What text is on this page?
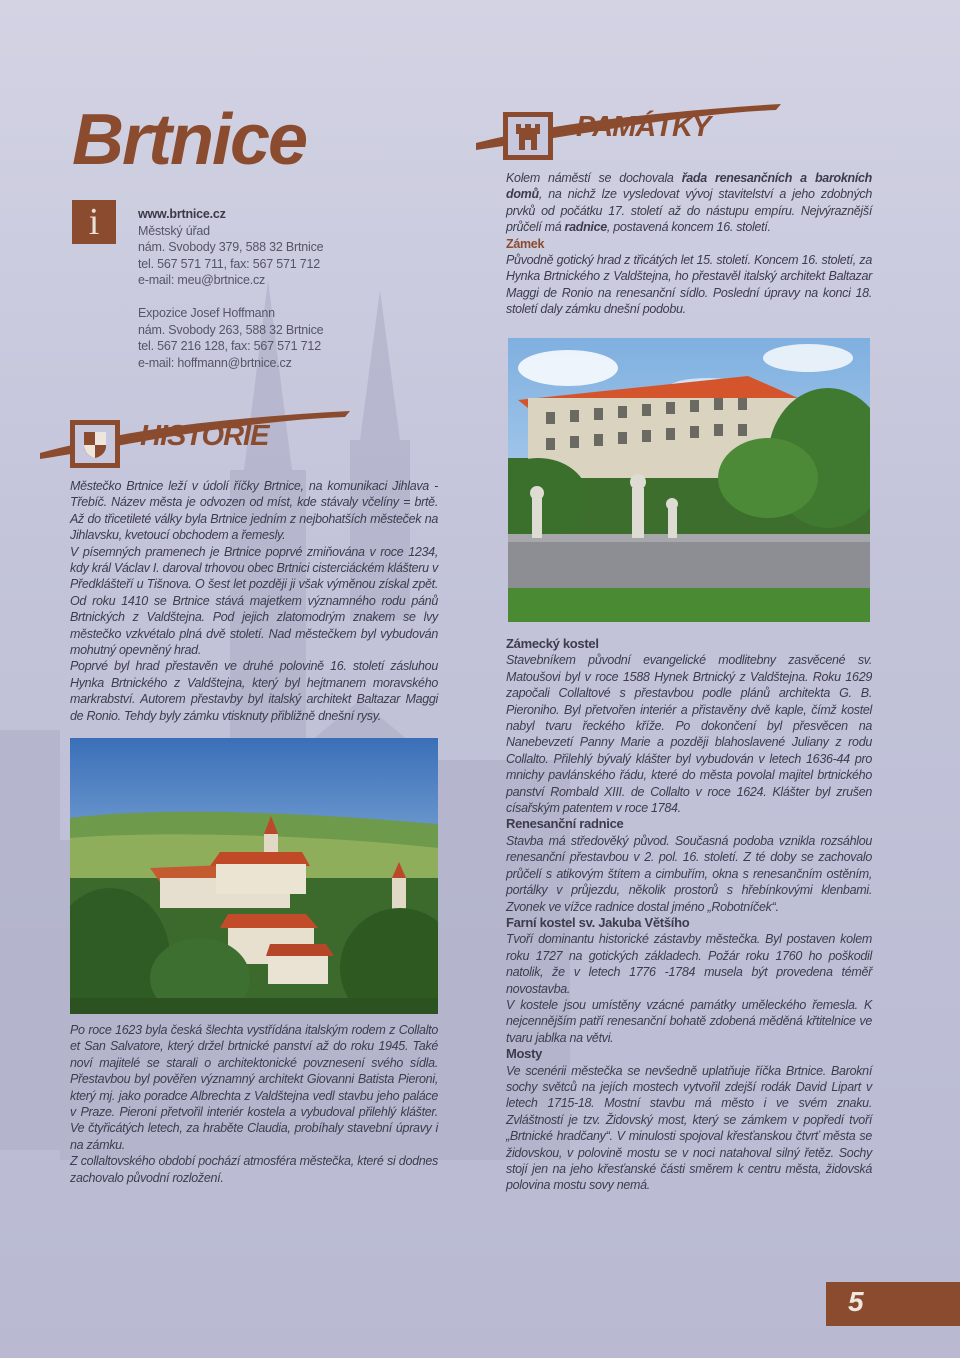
Brtnice
i	www.brtnice.cz
Městský úřad
nám. Svobody 379, 588 32 Brtnice
tel. 567 571 711, fax: 567 571 712
e-mail: meu@brtnice.cz
Expozice Josef Hoffmann
nám. Svobody 263, 588 32 Brtnice
tel. 567 216 128, fax: 567 571 712
e-mail: hoffmann@brtnice.cz
PAMÁTKY
HISTORIE

Kolem náměstí se dochovala řada renesančních a barokních domů, na nichž lze vysledovat vývoj stavitelství a jeho zdobných prvků od počátku 17. století až do nástupu empíru. Nejvýraznější průčelí má radnice, postavená koncem 16. století.

Zámek

Původně gotický hrad z třicátých let 15. století. Koncem 16. století, za Hynka Brtnického z Valdštejna, ho přestavěl italský architekt Baltazar Maggi de Ronio na renesanční sídlo. Poslední úpravy na konci 18. století daly zámku dnešní podobu.

Zámecký kostel

Stavebníkem původní evangelické modlitebny zasvěcené sv. Matoušovi byl v roce 1588 Hynek Brtnický z Valdštejna. Roku 1629 započali Collaltové s přestavbou podle plánů architekta G. B. Pieroniho. Byl přetvořen interiér a přistavěny dvě kaple, čímž kostel nabyl tvaru řeckého kříže. Po dokončení byl přesvěcen na Nanebevzetí Panny Marie a později blahoslavené Juliany z rodu Collalto. Přilehlý bývalý klášter byl vybudován v letech 1636-44 pro mnichy pavlánského řádu, které do města povolal majitel brtnického panství Rombald XIII. de Collalto v roce 1624. Klášter byl zrušen císařským patentem v roce 1784.

Renesanční radnice

Stavba má středověký původ. Současná podoba vznikla rozsáhlou renesanční přestavbou v 2. pol. 16. století. Z té doby se zachovalo průčelí s atikovým štítem a cimbuřím, okna s renesančním ostěním, portálky v průjezdu, několik prostorů s hřebínkovými klenbami. Zvonek ve vížce radnice dostal jméno „Robotníček“.

Farní kostel sv. Jakuba Většího

Tvoří dominantu historické zástavby městečka. Byl postaven kolem roku 1727 na gotických základech. Požár roku 1760 ho poškodil natolik, že v letech 1776 -1784 musela být provedena téměř novostavba.

V kostele jsou umístěny vzácné památky uměleckého řemesla. K nejcennějším patří renesanční bohatě zdobená měděná křtitelnice ve tvaru jablka na větvi.

Mosty

Ve scenérii městečka se nevšedně uplatňuje říčka Brtnice. Barokní sochy světců na jejích mostech vytvořil zdejší rodák David Lipart v letech 1715-18. Mostní stavbu má město i ve svém znaku. Zvláštností je tzv. Židovský most, který se zámkem v popředí tvoří „Brtnické hradčany“. V minulosti spojoval křesťanskou čtvrť města se židovskou, v polovině mostu se v noci natahoval silný řetěz. Sochy stojí jen na jeho křesťanské části směrem k centru města, židovská polovina mostu sovy nemá.

Městečko Brtnice leží v údolí říčky Brtnice, na komunikaci Jihlava - Třebíč. Název města je odvozen od míst, kde stávaly včelíny = brtě. Až do třicetileté války byla Brtnice jedním z nejbohatších městeček na Jihlavsku, kvetoucí obchodem a řemesly.

V písemných pramenech je Brtnice poprvé zmiňována v roce 1234, kdy král Václav I. daroval trhovou obec Brtnici cisterciáckém klášteru v Předklášteří u Tišnova. O šest let později ji však výměnou získal zpět. Od roku 1410 se Brtnice stává majetkem významného rodu pánů Brtnických z Valdštejna. Pod jejich zlatomodrým znakem se lvy městečko vzkvétalo plná dvě století. Nad městečkem byl vybudován mohutný opevněný hrad.

Poprvé byl hrad přestavěn ve druhé polovině 16. století zásluhou Hynka Brtnického z Valdštejna, který byl hejtmanem moravského markrabství. Autorem přestavby byl italský architekt Baltazar Maggi de Ronio. Tehdy byly zámku vtisknuty přibližně dnešní rysy.

Po roce 1623 byla česká šlechta vystřídána italským rodem z Collalto et San Salvatore, který držel brtnické panství až do roku 1945. Také noví majitelé se starali o architektonické povznesení svého sídla. Přestavbou byl pověřen významný architekt Giovanni Batista Pieroni, který mj. jako poradce Albrechta z Valdštejna vedl stavbu jeho paláce v Praze. Pieroni přetvořil interiér kostela a vybudoval přilehlý klášter. Ve čtyřicátých letech, za hraběte Claudia, probíhaly stavební úpravy i na zámku.

Z collaltovského období pochází atmosféra městečka, které si dodnes zachovalo původní rozložení.

5
